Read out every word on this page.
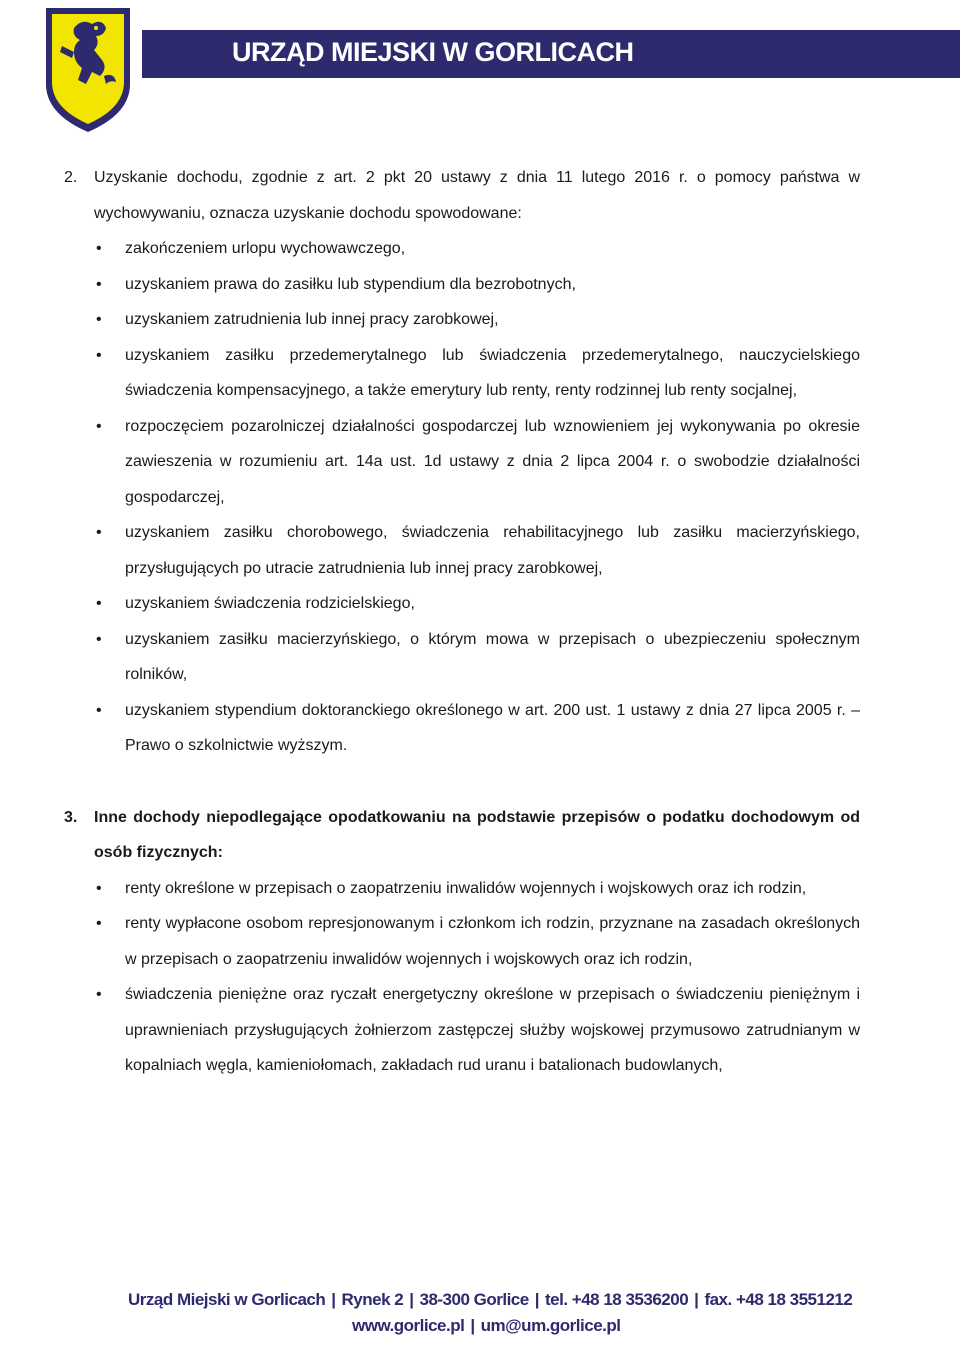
URZĄD MIEJSKI W GORLICACH
2. Uzyskanie dochodu, zgodnie z art. 2 pkt 20 ustawy z dnia 11 lutego 2016 r. o pomocy państwa w wychowywaniu, oznacza uzyskanie dochodu spowodowane:
• zakończeniem urlopu wychowawczego,
• uzyskaniem prawa do zasiłku lub stypendium dla bezrobotnych,
• uzyskaniem zatrudnienia lub innej pracy zarobkowej,
• uzyskaniem zasiłku przedemerytalnego lub świadczenia przedemerytalnego, nauczycielskiego świadczenia kompensacyjnego, a także emerytury lub renty, renty rodzinnej lub renty socjalnej,
• rozpoczęciem pozarolniczej działalności gospodarczej lub wznowieniem jej wykonywania po okresie zawieszenia w rozumieniu art. 14a ust. 1d ustawy z dnia 2 lipca 2004 r. o swobodzie działalności gospodarczej,
• uzyskaniem zasiłku chorobowego, świadczenia rehabilitacyjnego lub zasiłku macierzyńskiego, przysługujących po utracie zatrudnienia lub innej pracy zarobkowej,
• uzyskaniem świadczenia rodzicielskiego,
• uzyskaniem zasiłku macierzyńskiego, o którym mowa w przepisach o ubezpieczeniu społecznym rolników,
• uzyskaniem stypendium doktoranckiego określonego w art. 200 ust. 1 ustawy z dnia 27 lipca 2005 r. – Prawo o szkolnictwie wyższym.
3. Inne dochody niepodlegające opodatkowaniu na podstawie przepisów o podatku dochodowym od osób fizycznych:
• renty określone w przepisach o zaopatrzeniu inwalidów wojennych i wojskowych oraz ich rodzin,
• renty wypłacone osobom represjonowanym i członkom ich rodzin, przyznane na zasadach określonych w przepisach o zaopatrzeniu inwalidów wojennych i wojskowych oraz ich rodzin,
• świadczenia pieniężne oraz ryczałt energetyczny określone w przepisach o świadczeniu pieniężnym i uprawnieniach przysługujących żołnierzom zastępczej służby wojskowej przymusowo zatrudnianym w kopalniach węgla, kamieniołomach, zakładach rud uranu i batalionach budowlanych,
Urząd Miejski w Gorlicach | Rynek 2 | 38-300 Gorlice | tel. +48 18 3536200 | fax. +48 18 3551212
www.gorlice.pl | um@um.gorlice.pl
